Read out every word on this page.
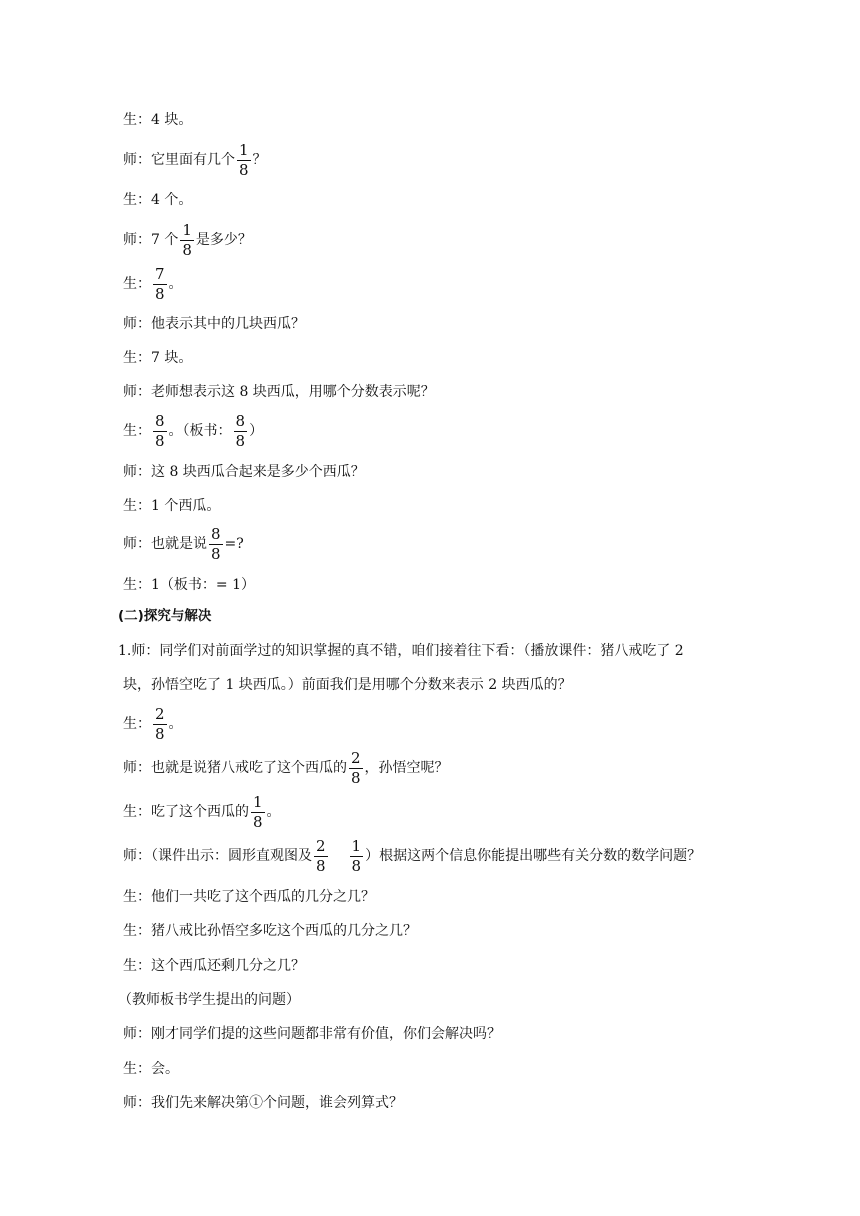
生：4 块。
师：它里面有几个 $\frac{1}{8}$ ？
生：4 个。
师：7 个 $\frac{1}{8}$ 是多少？
生： $\frac{7}{8}$ 。
师：他表示其中的几块西瓜？
生：7 块。
师：老师想表示这 8 块西瓜，用哪个分数表示呢？
生： $\frac{8}{8}$ 。（板书： $\frac{8}{8}$ ）
师：这 8 块西瓜合起来是多少个西瓜？
生：1 个西瓜。
师：也就是说 $\frac{8}{8}$ =?
生：1（板书：= 1）
(二)探究与解决
1.师：同学们对前面学过的知识掌握的真不错，咱们接着往下看：（播放课件：猪八戒吃了 2
块，孙悟空吃了 1 块西瓜。）前面我们是用哪个分数来表示 2 块西瓜的？
生： $\frac{2}{8}$ 。
师：也就是说猪八戒吃了这个西瓜的 $\frac{2}{8}$ ，孙悟空呢？
生：吃了这个西瓜的 $\frac{1}{8}$ 。
师：（课件出示：圆形直观图及 $\frac{2}{8} \frac{1}{8}$ ）根据这两个信息你能提出哪些有关分数的数学问题？
生：他们一共吃了这个西瓜的几分之几？
生：猪八戒比孙悟空多吃这个西瓜的几分之几？
生：这个西瓜还剩几分之几？
（教师板书学生提出的问题）
师：刚才同学们提的这些问题都非常有价值，你们会解决吗？
生：会。
师：我们先来解决第①个问题，谁会列算式？
